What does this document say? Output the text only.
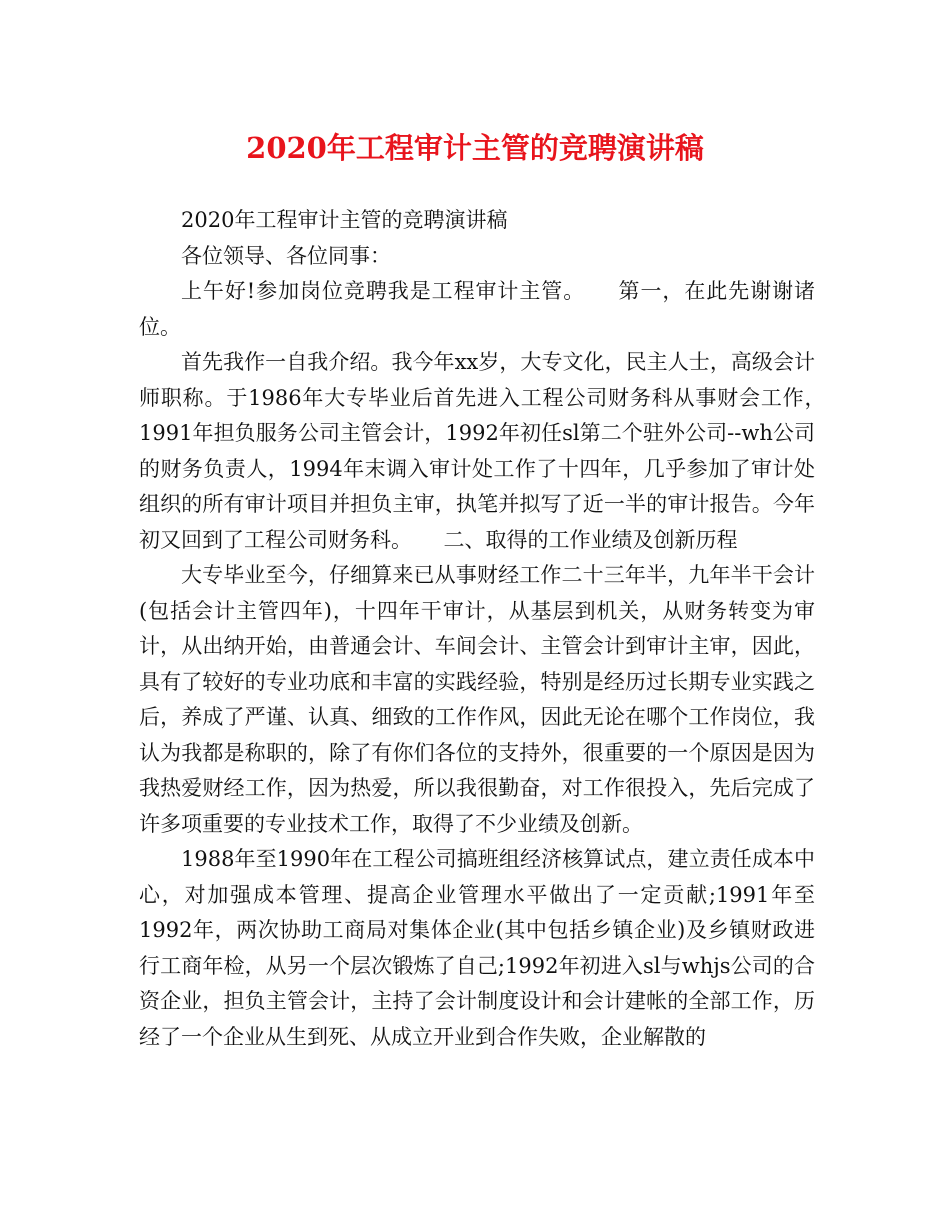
2020年工程审计主管的竞聘演讲稿

2020年工程审计主管的竞聘演讲稿

各位领导、各位同事：

上午好!参加岗位竞聘我是工程审计主管。　　第一，在此先谢谢诸位。

首先我作一自我介绍。我今年xx岁，大专文化，民主人士，高级会计师职称。于1986年大专毕业后首先进入工程公司财务科从事财会工作，　1991年担负服务公司主管会计，1992年初任sl第二个驻外公司--wh公司的财务负责人，1994年末调入审计处工作了十四年，几乎参加了审计处组织的所有审计项目并担负主审，执笔并拟写了近一半的审计报告。今年初又回到了工程公司财务科。　　二、取得的工作业绩及创新历程

大专毕业至今，仔细算来已从事财经工作二十三年半，九年半干会计(包括会计主管四年)，十四年干审计，从基层到机关，从财务转变为审计，从出纳开始，由普通会计、车间会计、主管会计到审计主审，因此，具有了较好的专业功底和丰富的实践经验，特别是经历过长期专业实践之后，养成了严谨、认真、细致的工作作风，因此无论在哪个工作岗位，我认为我都是称职的，除了有你们各位的支持外，很重要的一个原因是因为我热爱财经工作，因为热爱，所以我很勤奋，对工作很投入，先后完成了许多项重要的专业技术工作，取得了不少业绩及创新。

1988年至1990年在工程公司搞班组经济核算试点，建立责任成本中心，对加强成本管理、提高企业管理水平做出了一定贡献;1991年至1992年，两次协助工商局对集体企业(其中包括乡镇企业)及乡镇财政进行工商年检，从另一个层次锻炼了自己;1992年初进入sl与whjs公司的合资企业，担负主管会计，主持了会计制度设计和会计建帐的全部工作，历经了一个企业从生到死、从成立开业到合作失败，企业解散的
